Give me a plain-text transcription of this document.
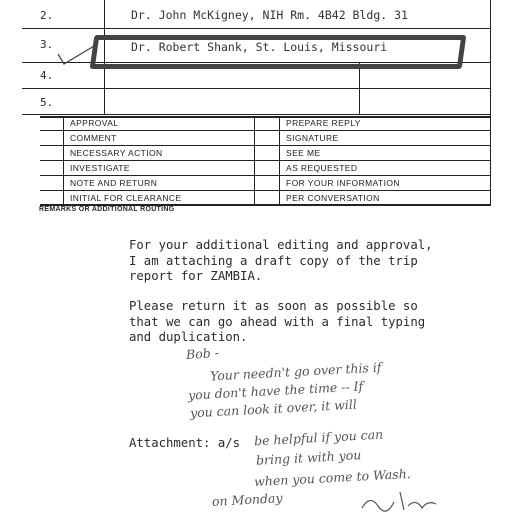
2.	Dr. John McKigney, NIH Rm. 4B42 Bldg. 31
3.	Dr. Robert Shank, St. Louis, Missouri
4.
5.
APPROVAL
COMMENT
NECESSARY ACTION
INVESTIGATE
NOTE AND RETURN
INITIAL FOR CLEARANCE
PREPARE REPLY
SIGNATURE
SEE ME
AS REQUESTED
FOR YOUR INFORMATION
PER CONVERSATION
REMARKS OR ADDITIONAL ROUTING
For your additional editing and approval,
I am attaching a draft copy of the trip
report for ZAMBIA.
Please return it as soon as possible so
that we can go ahead with a final typing
and duplication.
Attachment: a/s
Bob -
Your needn't go over this if
you don't have the time -- If
you can look it over, it will
be helpful if you can
bring it with you
when you come to Wash.
on Monday
